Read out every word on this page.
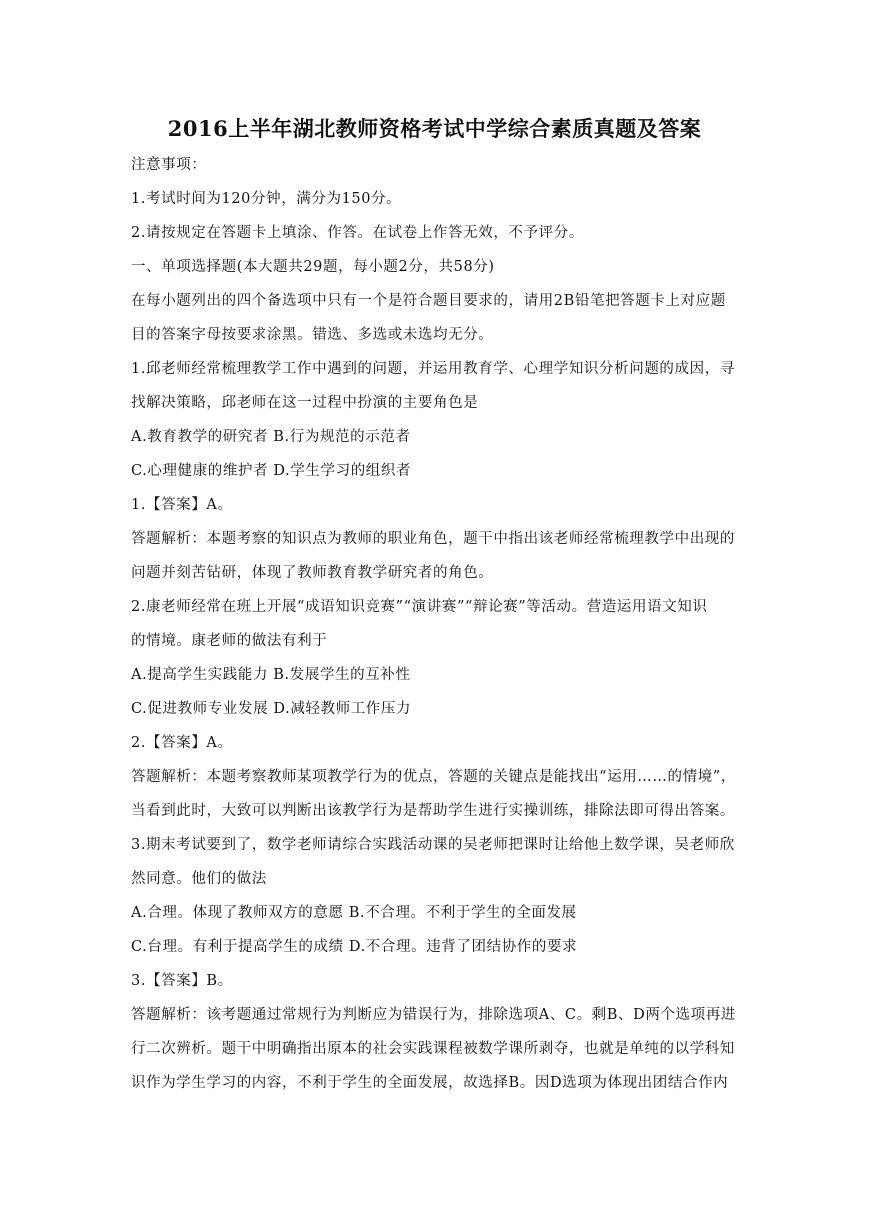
2016上半年湖北教师资格考试中学综合素质真题及答案
注意事项：
1.考试时间为120分钟，满分为150分。
2.请按规定在答题卡上填涂、作答。在试卷上作答无效，不予评分。
一、单项选择题(本大题共29题，每小题2分，共58分)
在每小题列出的四个备选项中只有一个是符合题目要求的，请用2B铅笔把答题卡上对应题
目的答案字母按要求涂黑。错选、多选或未选均无分。
1.邱老师经常梳理教学工作中遇到的问题，并运用教育学、心理学知识分析问题的成因，寻
找解决策略，邱老师在这一过程中扮演的主要角色是
A.教育教学的研究者 B.行为规范的示范者
C.心理健康的维护者 D.学生学习的组织者
1.【答案】A。
答题解析：本题考察的知识点为教师的职业角色，题干中指出该老师经常梳理教学中出现的
问题并刻苦钻研，体现了教师教育教学研究者的角色。
2.康老师经常在班上开展“成语知识竞赛”“演讲赛”“辩论赛”等活动。营造运用语文知识
的情境。康老师的做法有利于
A.提高学生实践能力 B.发展学生的互补性
C.促进教师专业发展 D.减轻教师工作压力
2.【答案】A。
答题解析：本题考察教师某项教学行为的优点，答题的关键点是能找出“运用……的情境”，
当看到此时，大致可以判断出该教学行为是帮助学生进行实操训练，排除法即可得出答案。
3.期末考试要到了，数学老师请综合实践活动课的吴老师把课时让给他上数学课，吴老师欣
然同意。他们的做法
A.合理。体现了教师双方的意愿 B.不合理。不利于学生的全面发展
C.台理。有利于提高学生的成绩 D.不合理。违背了团结协作的要求
3.【答案】B。
答题解析：该考题通过常规行为判断应为错误行为，排除选项A、C。剩B、D两个选项再进
行二次辨析。题干中明确指出原本的社会实践课程被数学课所剥夺，也就是单纯的以学科知
识作为学生学习的内容，不利于学生的全面发展，故选择B。因D选项为体现出团结合作内
